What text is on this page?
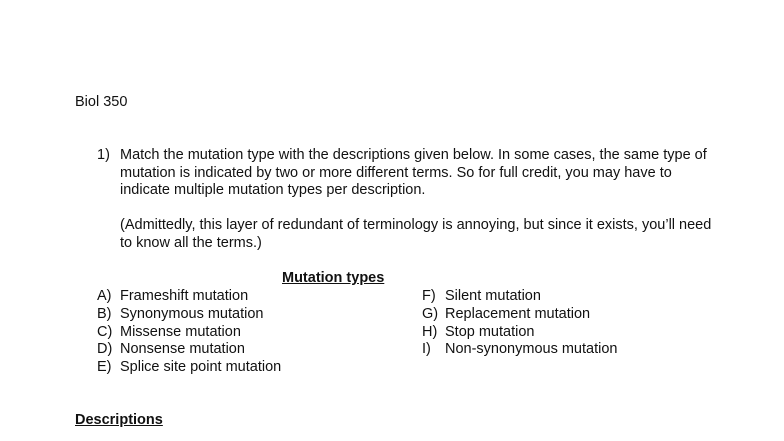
Biol 350
1) Match the mutation type with the descriptions given below. In some cases, the same type of mutation is indicated by two or more different terms. So for full credit, you may have to indicate multiple mutation types per description.

(Admittedly, this layer of redundant of terminology is annoying, but since it exists, you’ll need to know all the terms.)

Mutation types
A) Frameshift mutation
B) Synonymous mutation
C) Missense mutation
D) Nonsense mutation
E) Splice site point mutation
F) Silent mutation
G) Replacement mutation
H) Stop mutation
I) Non-synonymous mutation
Descriptions
